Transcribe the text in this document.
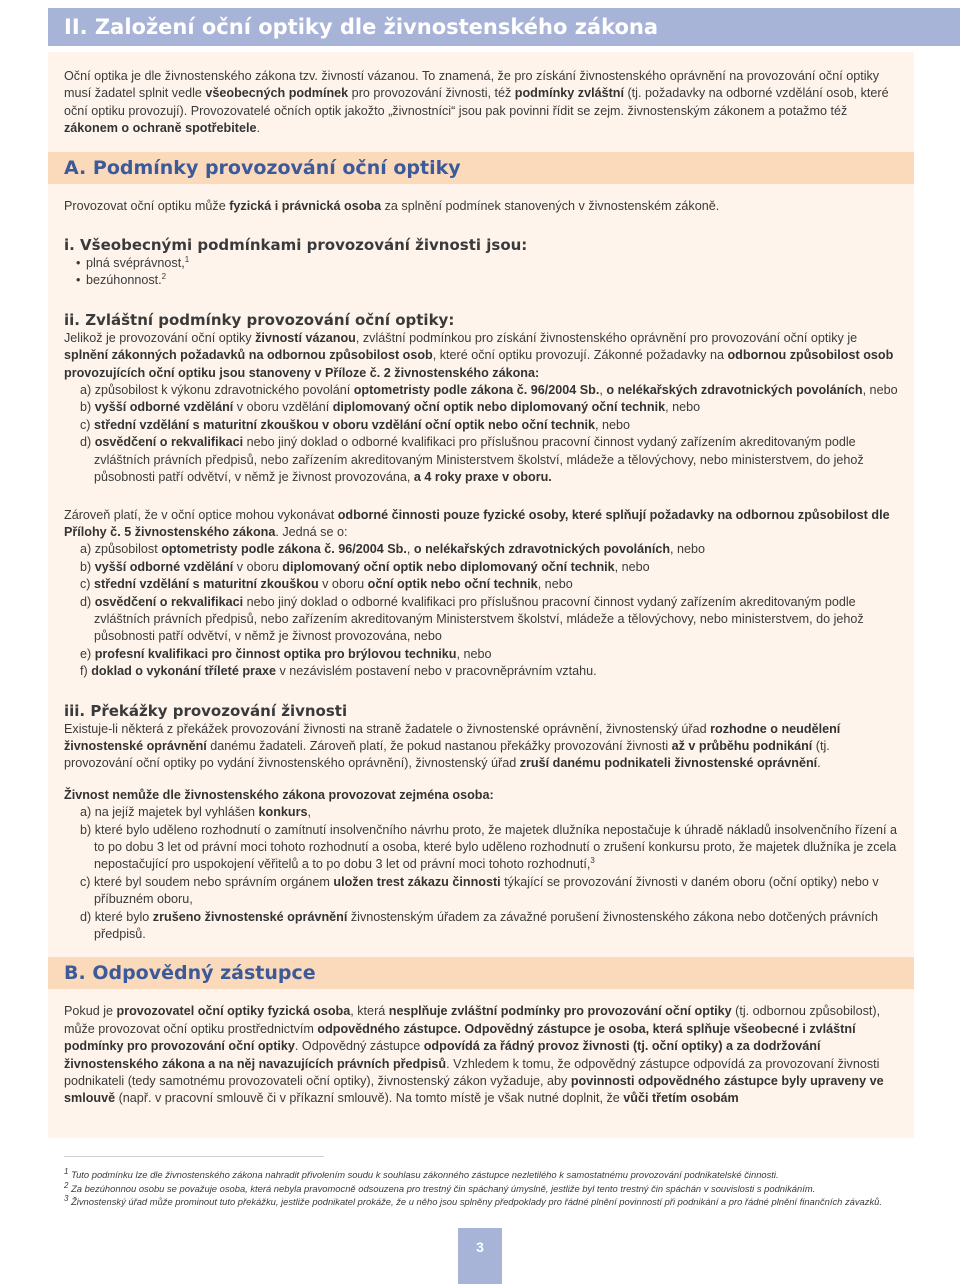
II. Založení oční optiky dle živnostenského zákona

Oční optika je dle živnostenského zákona tzv. živností vázanou. To znamená, že pro získání živnostenského oprávnění na provozování oční optiky musí žadatel splnit vedle všeobecných podmínek pro provozování živnosti, též podmínky zvláštní (tj. požadavky na odborné vzdělání osob, které oční optiku provozují). Provozovatelé očních optik jakožto „živnostníci“ jsou pak povinni řídit se zejm. živnostenským zákonem a potažmo též zákonem o ochraně spotřebitele.

A. Podmínky provozování oční optiky

Provozovat oční optiku může fyzická i právnická osoba za splnění podmínek stanovených v živnostenském zákoně.

i. Všeobecnými podmínkami provozování živnosti jsou:
• plná svéprávnost,$^1$
• bezúhonnost.$^2$
ii. Zvláštní podmínky provozování oční optiky:

Jelikož je provozování oční optiky živností vázanou, zvláštní podmínkou pro získání živnostenského oprávnění pro provozování oční optiky je splnění zákonných požadavků na odbornou způsobilost osob, které oční optiku provozují. Zákonné požadavky na odbornou způsobilost osob provozujících oční optiku jsou stanoveny v Příloze č. 2 živnostenského zákona:

a) způsobilost k výkonu zdravotnického povolání optometristy podle zákona č. 96/2004 Sb., o nelékařských zdravotnických povoláních, nebo
b) vyšší odborné vzdělání v oboru vzdělání diplomovaný oční optik nebo diplomovaný oční technik, nebo
c) střední vzdělání s maturitní zkouškou v oboru vzdělání oční optik nebo oční technik, nebo
d) osvědčení o rekvalifikaci nebo jiný doklad o odborné kvalifikaci pro příslušnou pracovní činnost vydaný zařízením akreditovaným podle zvláštních právních předpisů, nebo zařízením akreditovaným Ministerstvem školství, mládeže a tělovýchovy, nebo ministerstvem, do jehož působnosti patří odvětví, v němž je živnost provozována, a 4 roky praxe v oboru.

Zároveň platí, že v oční optice mohou vykonávat odborné činnosti pouze fyzické osoby, které splňují požadavky na odbornou způsobilost dle Přílohy č. 5 živnostenského zákona. Jedná se o:

a) způsobilost optometristy podle zákona č. 96/2004 Sb., o nelékařských zdravotnických povoláních, nebo
b) vyšší odborné vzdělání v oboru diplomovaný oční optik nebo diplomovaný oční technik, nebo
c) střední vzdělání s maturitní zkouškou v oboru oční optik nebo oční technik, nebo
d) osvědčení o rekvalifikaci nebo jiný doklad o odborné kvalifikaci pro příslušnou pracovní činnost vydaný zařízením akreditovaným podle zvláštních právních předpisů, nebo zařízením akreditovaným Ministerstvem školství, mládeže a tělovýchovy, nebo ministerstvem, do jehož působnosti patří odvětví, v němž je živnost provozována, nebo
e) profesní kvalifikaci pro činnost optika pro brýlovou techniku, nebo
f) doklad o vykonání tříleté praxe v nezávislém postavení nebo v pracovněprávním vztahu.
iii. Překážky provozování živnosti

Existuje-li některá z překážek provozování živnosti na straně žadatele o živnostenské oprávnění, živnostenský úřad rozhodne o neudělení živnostenské oprávnění danému žadateli. Zároveň platí, že pokud nastanou překážky provozování živnosti až v průběhu podnikání (tj. provozování oční optiky po vydání živnostenského oprávnění), živnostenský úřad zruší danému podnikateli živnostenské oprávnění.

Živnost nemůže dle živnostenského zákona provozovat zejména osoba:

a) na jejíž majetek byl vyhlášen konkurs,
b) které bylo uděleno rozhodnutí o zamítnutí insolvenčního návrhu proto, že majetek dlužníka nepostačuje k úhradě nákladů insolvenčního řízení a to po dobu 3 let od právní moci tohoto rozhodnutí a osoba, které bylo uděleno rozhodnutí o zrušení konkursu proto, že majetek dlužníka je zcela nepostačující pro uspokojení věřitelů a to po dobu 3 let od právní moci tohoto rozhodnutí,$^3$
c) které byl soudem nebo správním orgánem uložen trest zákazu činnosti týkající se provozování živnosti v daném oboru (oční optiky) nebo v příbuzném oboru,
d) které bylo zrušeno živnostenské oprávnění živnostenským úřadem za závažné porušení živnostenského zákona nebo dotčených právních předpisů.
B. Odpovědný zástupce

Pokud je provozovatel oční optiky fyzická osoba, která nesplňuje zvláštní podmínky pro provozování oční optiky (tj. odbornou způsobilost), může provozovat oční optiku prostřednictvím odpovědného zástupce. Odpovědný zástupce je osoba, která splňuje všeobecné i zvláštní podmínky pro provozování oční optiky. Odpovědný zástupce odpovídá za řádný provoz živnosti (tj. oční optiky) a za dodržování živnostenského zákona a na něj navazujících právních předpisů. Vzhledem k tomu, že odpovědný zástupce odpovídá za provozovaní živnosti podnikateli (tedy samotnému provozovateli oční optiky), živnostenský zákon vyžaduje, aby povinnosti odpovědného zástupce byly upraveny ve smlouvě (např. v pracovní smlouvě či v příkazní smlouvě). Na tomto místě je však nutné doplnit, že vůči třetím osobám

$^1$ Tuto podmínku lze dle živnostenského zákona nahradit přivolením soudu k souhlasu zákonného zástupce nezletilého k samostatnému provozování podnikatelské činnosti.
$^2$ Za bezúhonnou osobu se považuje osoba, která nebyla pravomocně odsouzena pro trestný čin spáchaný úmyslně, jestliže byl tento trestný čin spáchán v souvislosti s podnikáním.
$^3$ Živnostenský úřad může prominout tuto překážku, jestliže podnikatel prokáže, že u něho jsou splněny předpoklady pro řádné plnění povinností při podnikání a pro řádné plnění finančních závazků.
3
